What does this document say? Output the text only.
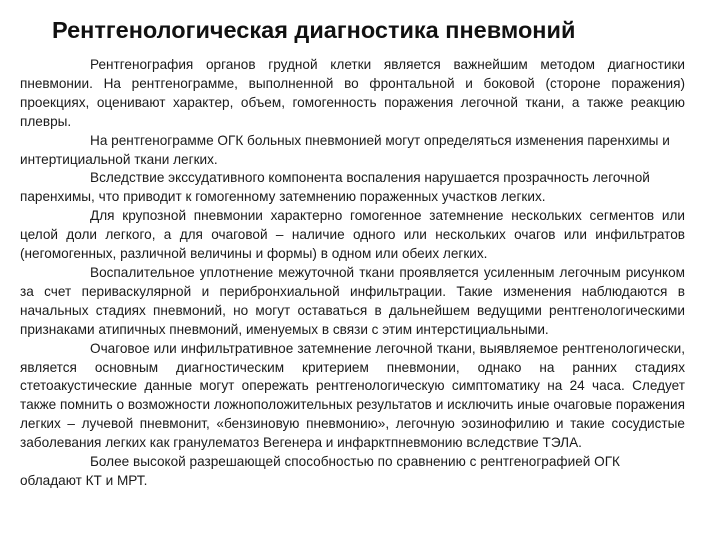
Рентгенологическая диагностика пневмоний

Рентгенография органов грудной клетки является важнейшим методом диагностики пневмонии. На рентгенограмме, выполненной во фронтальной и боковой (стороне поражения) проекциях, оценивают характер, объем, гомогенность поражения легочной ткани, а также реакцию плевры.

На рентгенограмме ОГК больных пневмонией могут определяться изменения паренхимы и интертициальной ткани легких.

Вследствие экссудативного компонента воспаления нарушается прозрачность легочной паренхимы, что приводит к гомогенному затемнению пораженных участков легких.

Для крупозной пневмонии характерно гомогенное затемнение нескольких сегментов или целой доли легкого, а для очаговой – наличие одного или нескольких очагов или инфильтратов (негомогенных, различной величины и формы) в одном или обеих легких.

Воспалительное уплотнение межуточной ткани проявляется усиленным легочным рисунком за счет периваскулярной и перибронхиальной инфильтрации. Такие изменения наблюдаются в начальных стадиях пневмоний, но могут оставаться в дальнейшем ведущими рентгенологическими признаками атипичных пневмоний, именуемых в связи с этим интерстициальными.

Очаговое или инфильтративное затемнение легочной ткани, выявляемое рентгенологически, является основным диагностическим критерием пневмонии, однако на ранних стадиях стетоакустические данные могут опережать рентгенологическую симптоматику на 24 часа. Следует также помнить о возможности ложноположительных результатов и исключить иные очаговые поражения легких – лучевой пневмонит, «бензиновую пневмонию», легочную эозинофилию и такие сосудистые заболевания легких как гранулематоз Вегенера и инфарктпневмонию вследствие ТЭЛА.

Более высокой разрешающей способностью по сравнению с рентгенографией ОГК обладают КТ и МРТ.
